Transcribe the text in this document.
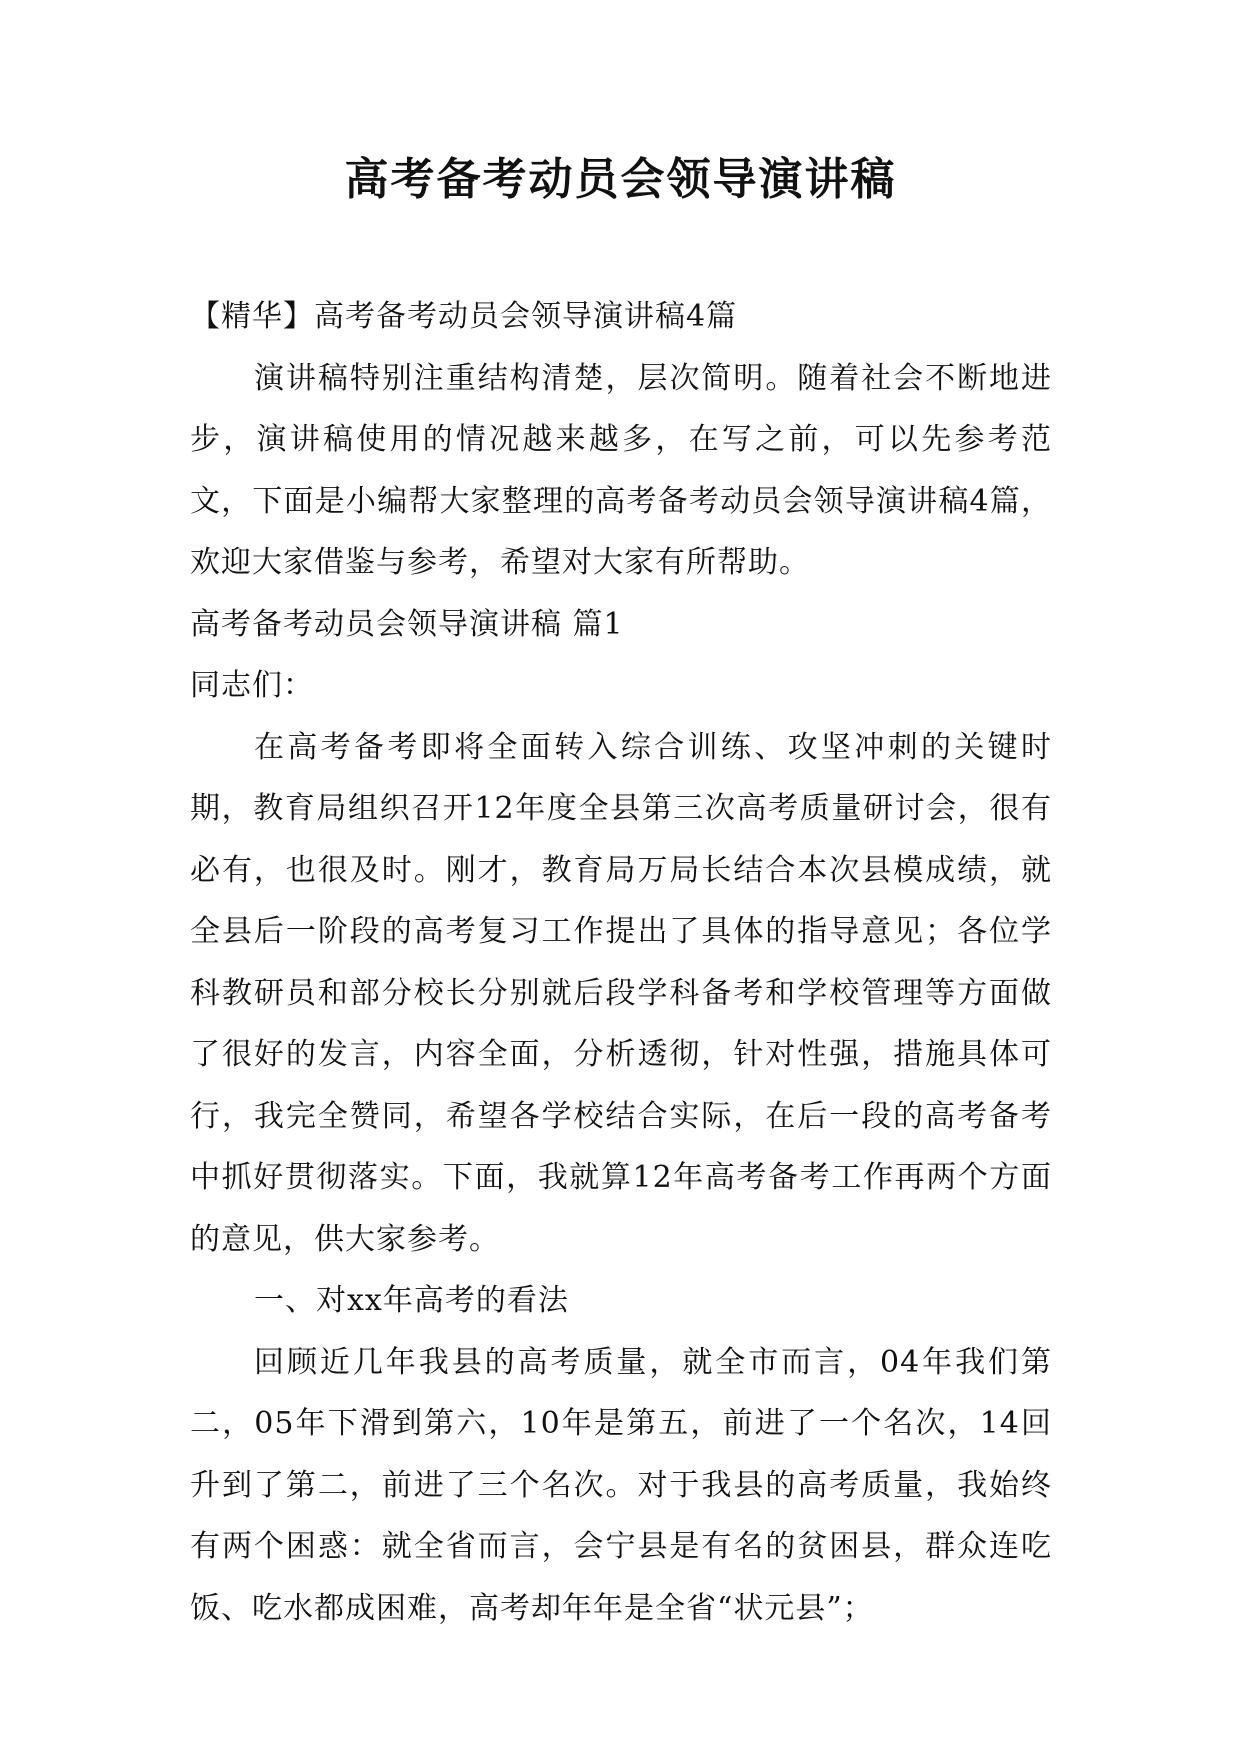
高考备考动员会领导演讲稿

【精华】高考备考动员会领导演讲稿4篇

演讲稿特别注重结构清楚，层次简明。随着社会不断地进步，演讲稿使用的情况越来越多，在写之前，可以先参考范文，下面是小编帮大家整理的高考备考动员会领导演讲稿4篇，欢迎大家借鉴与参考，希望对大家有所帮助。

高考备考动员会领导演讲稿 篇1

同志们：

在高考备考即将全面转入综合训练、攻坚冲刺的关键时期，教育局组织召开12年度全县第三次高考质量研讨会，很有必有，也很及时。刚才，教育局万局长结合本次县模成绩，就全县后一阶段的高考复习工作提出了具体的指导意见；各位学科教研员和部分校长分别就后段学科备考和学校管理等方面做了很好的发言，内容全面，分析透彻，针对性强，措施具体可行，我完全赞同，希望各学校结合实际，在后一段的高考备考中抓好贯彻落实。下面，我就算12年高考备考工作再两个方面的意见，供大家参考。

一、对xx年高考的看法

回顾近几年我县的高考质量，就全市而言，04年我们第二，05年下滑到第六，10年是第五，前进了一个名次，14回升到了第二，前进了三个名次。对于我县的高考质量，我始终有两个困惑：就全省而言，会宁县是有名的贫困县，群众连吃饭、吃水都成困难，高考却年年是全省“状元县”；
